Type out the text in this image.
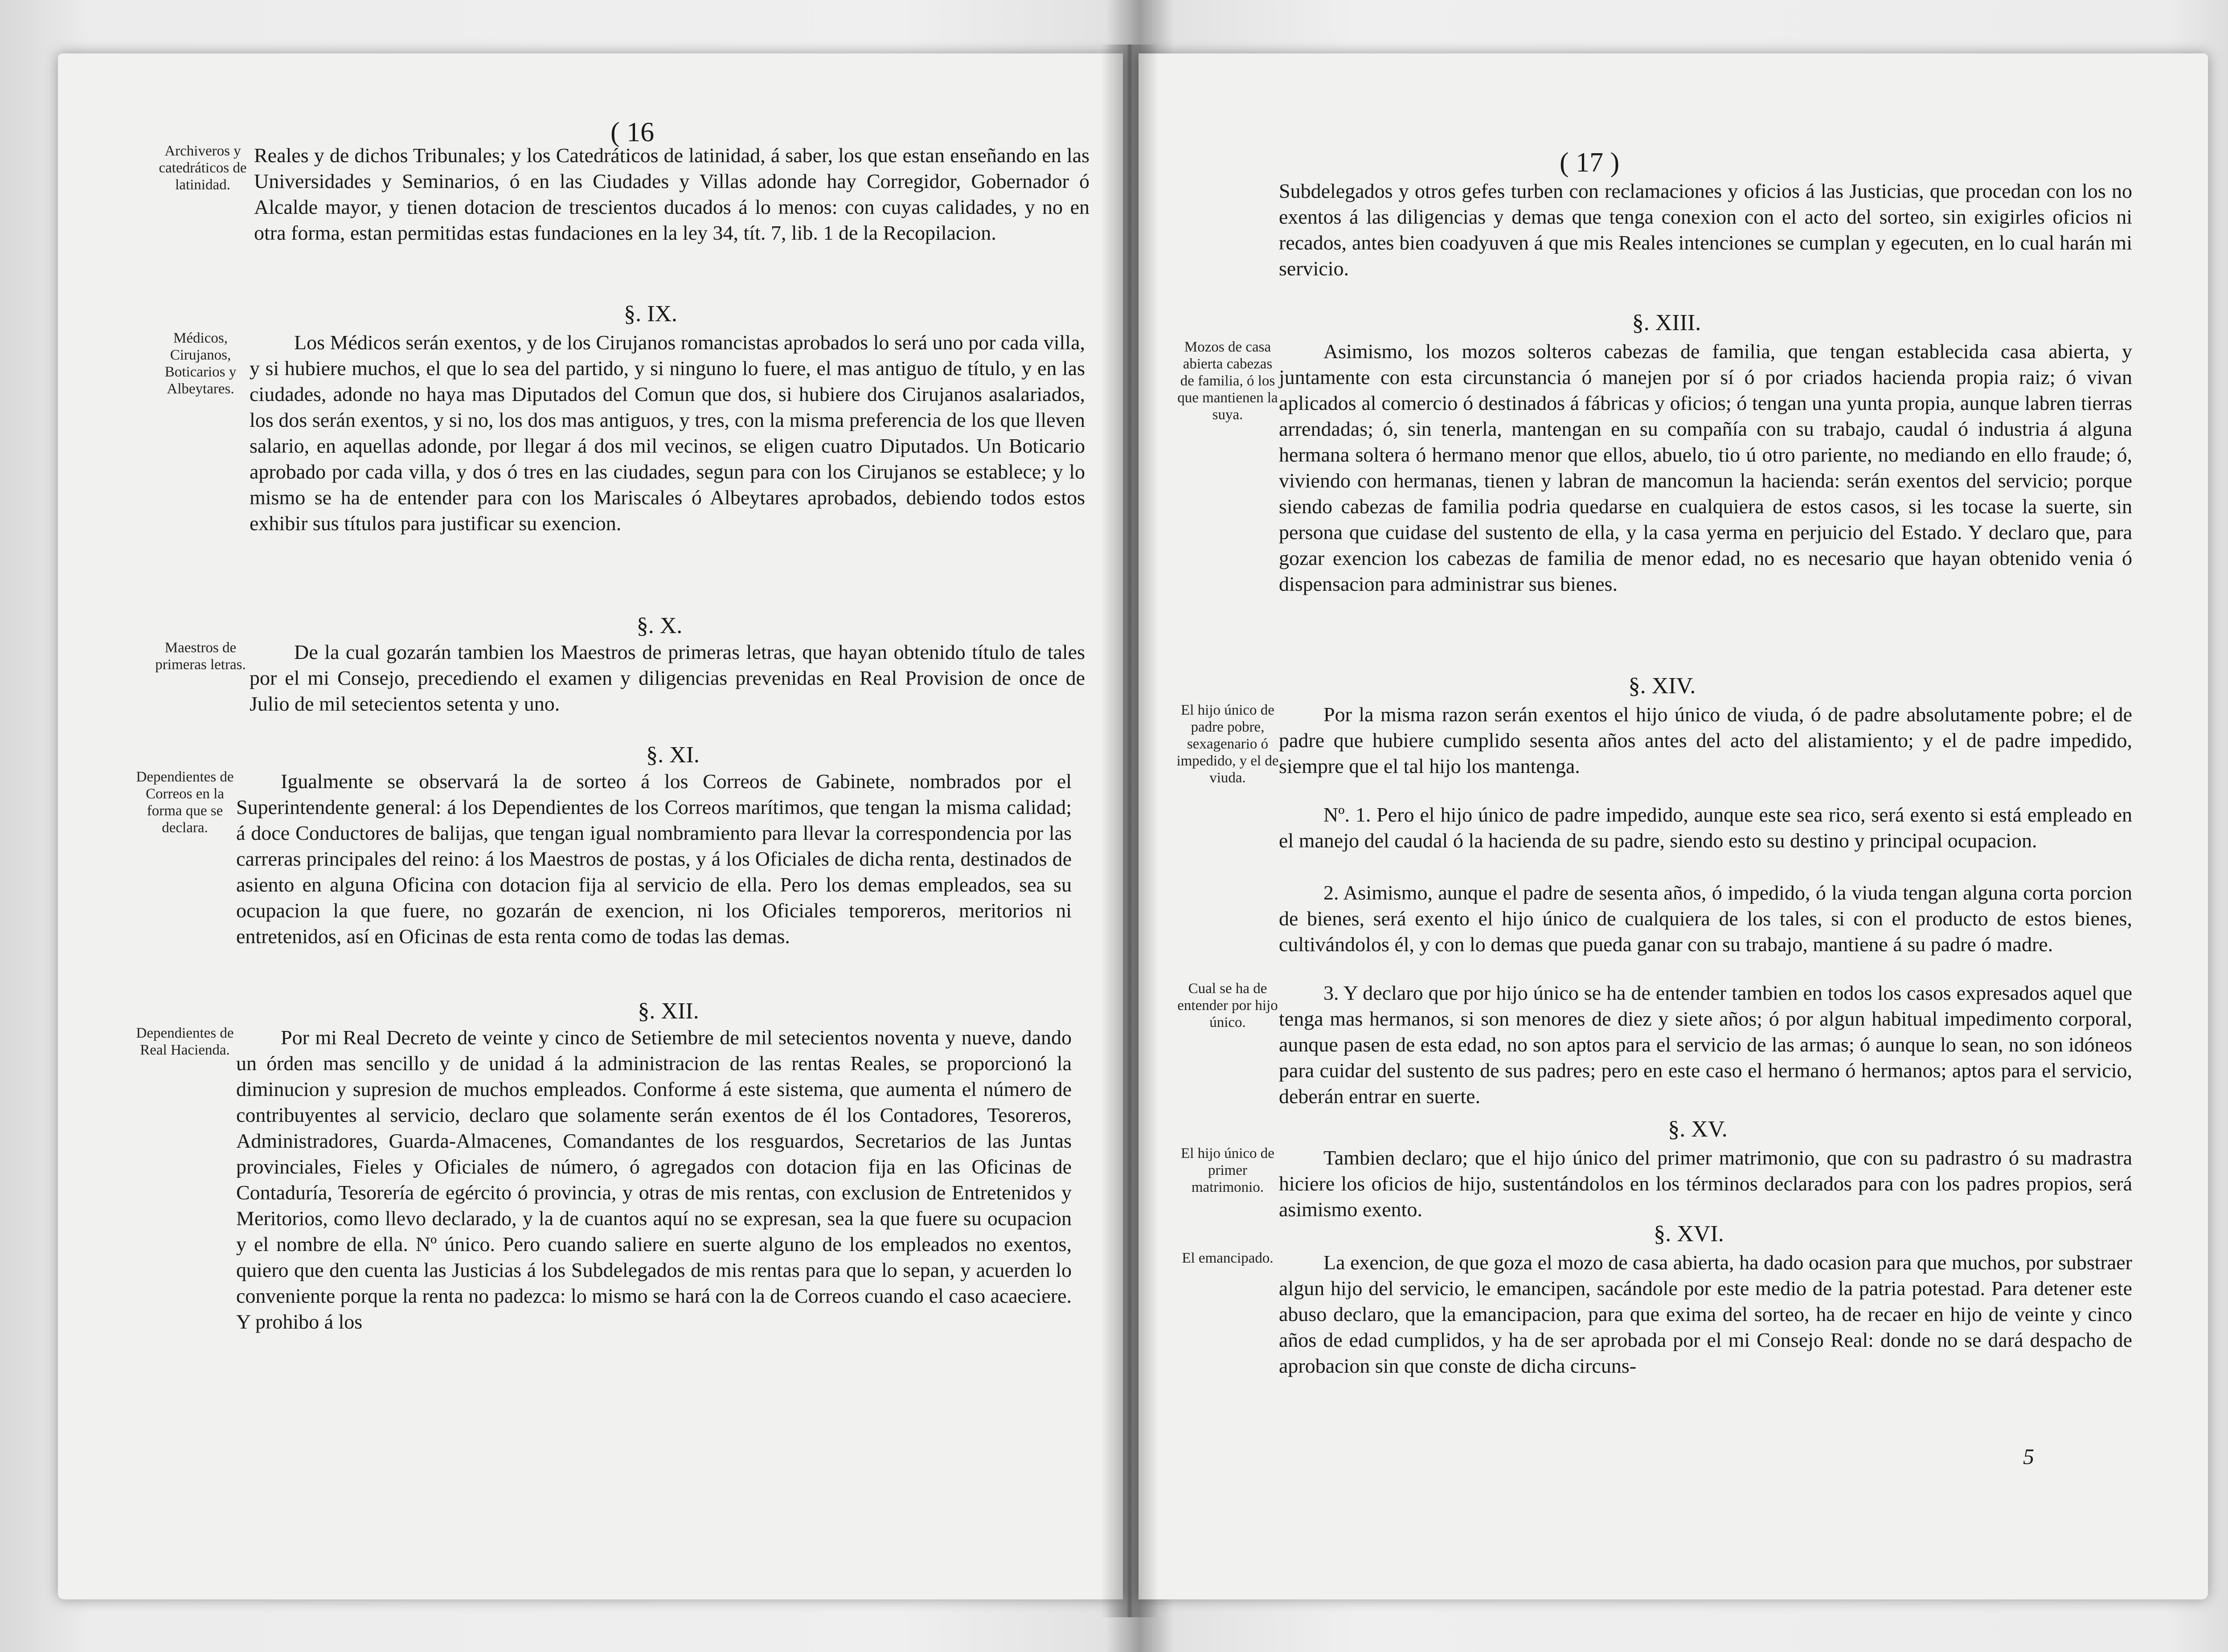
( 16
Archiveros y catedráticos de latinidad.
Reales y de dichos Tribunales; y los Catedráticos de latinidad, á saber, los que estan enseñando en las Universidades y Seminarios, ó en las Ciudades y Villas adonde hay Corregidor, Gobernador ó Alcalde mayor, y tienen dotacion de trescientos ducados á lo menos: con cuyas calidades, y no en otra forma, estan permitidas estas fundaciones en la ley 34, tít. 7, lib. 1 de la Recopilacion.
§. IX.
Médicos, Cirujanos, Boticarios y Albeytares.
Los Médicos serán exentos, y de los Cirujanos romancistas aprobados lo será uno por cada villa, y si hubiere muchos, el que lo sea del partido, y si ninguno lo fuere, el mas antiguo de título, y en las ciudades, adonde no haya mas Diputados del Comun que dos, si hubiere dos Cirujanos asalariados, los dos serán exentos, y si no, los dos mas antiguos, y tres, con la misma preferencia de los que lleven salario, en aquellas adonde, por llegar á dos mil vecinos, se eligen cuatro Diputados. Un Boticario aprobado por cada villa, y dos ó tres en las ciudades, segun para con los Cirujanos se establece; y lo mismo se ha de entender para con los Mariscales ó Albeytares aprobados, debiendo todos estos exhibir sus títulos para justificar su exencion.
§. X.
Maestros de primeras letras.
De la cual gozarán tambien los Maestros de primeras letras, que hayan obtenido título de tales por el mi Consejo, precediendo el examen y diligencias prevenidas en Real Provision de once de Julio de mil setecientos setenta y uno.
§. XI.
Dependientes de Correos en la forma que se declara.
Igualmente se observará la de sorteo á los Correos de Gabinete, nombrados por el Superintendente general: á los Dependientes de los Correos marítimos, que tengan la misma calidad; á doce Conductores de balijas, que tengan igual nombramiento para llevar la correspondencia por las carreras principales del reino: á los Maestros de postas, y á los Oficiales de dicha renta, destinados de asiento en alguna Oficina con dotacion fija al servicio de ella. Pero los demas empleados, sea su ocupacion la que fuere, no gozarán de exencion, ni los Oficiales temporeros, meritorios ni entretenidos, así en Oficinas de esta renta como de todas las demas.
§. XII.
Dependientes de Real Hacienda.
Por mi Real Decreto de veinte y cinco de Setiembre de mil setecientos noventa y nueve, dando un órden mas sencillo y de unidad á la administracion de las rentas Reales, se proporcionó la diminucion y supresion de muchos empleados. Conforme á este sistema, que aumenta el número de contribuyentes al servicio, declaro que solamente serán exentos de él los Contadores, Tesoreros, Administradores, Guarda-Almacenes, Comandantes de los resguardos, Secretarios de las Juntas provinciales, Fieles y Oficiales de número, ó agregados con dotacion fija en las Oficinas de Contaduría, Tesorería de egército ó provincia, y otras de mis rentas, con exclusion de Entretenidos y Meritorios, como llevo declarado, y la de cuantos aquí no se expresan, sea la que fuere su ocupacion y el nombre de ella. Nº único. Pero cuando saliere en suerte alguno de los empleados no exentos, quiero que den cuenta las Justicias á los Subdelegados de mis rentas para que lo sepan, y acuerden lo conveniente porque la renta no padezca: lo mismo se hará con la de Correos cuando el caso acaeciere. Y prohibo á los
( 17 )
Subdelegados y otros gefes turben con reclamaciones y oficios á las Justicias, que procedan con los no exentos á las diligencias y demas que tenga conexion con el acto del sorteo, sin exigirles oficios ni recados, antes bien coadyuven á que mis Reales intenciones se cumplan y egecuten, en lo cual harán mi servicio.
§. XIII.
Mozos de casa abierta cabezas de familia, ó los que mantienen la suya.
Asimismo, los mozos solteros cabezas de familia, que tengan establecida casa abierta, y juntamente con esta circunstancia ó manejen por sí ó por criados hacienda propia raiz; ó vivan aplicados al comercio ó destinados á fábricas y oficios; ó tengan una yunta propia, aunque labren tierras arrendadas; ó, sin tenerla, mantengan en su compañía con su trabajo, caudal ó industria á alguna hermana soltera ó hermano menor que ellos, abuelo, tio ú otro pariente, no mediando en ello fraude; ó, viviendo con hermanas, tienen y labran de mancomun la hacienda: serán exentos del servicio; porque siendo cabezas de familia podria quedarse en cualquiera de estos casos, si les tocase la suerte, sin persona que cuidase del sustento de ella, y la casa yerma en perjuicio del Estado. Y declaro que, para gozar exencion los cabezas de familia de menor edad, no es necesario que hayan obtenido venia ó dispensacion para administrar sus bienes.
§. XIV.
El hijo único de padre pobre, sexagenario ó impedido, y el de viuda.
Por la misma razon serán exentos el hijo único de viuda, ó de padre absolutamente pobre; el de padre que hubiere cumplido sesenta años antes del acto del alistamiento; y el de padre impedido, siempre que el tal hijo los mantenga.
Nº. 1. Pero el hijo único de padre impedido, aunque este sea rico, será exento si está empleado en el manejo del caudal ó la hacienda de su padre, siendo esto su destino y principal ocupacion.
2. Asimismo, aunque el padre de sesenta años, ó impedido, ó la viuda tengan alguna corta porcion de bienes, será exento el hijo único de cualquiera de los tales, si con el producto de estos bienes, cultivándolos él, y con lo demas que pueda ganar con su trabajo, mantiene á su padre ó madre.
Cual se ha de entender por hijo único.
3. Y declaro que por hijo único se ha de entender tambien en todos los casos expresados aquel que tenga mas hermanos, si son menores de diez y siete años; ó por algun habitual impedimento corporal, aunque pasen de esta edad, no son aptos para el servicio de las armas; ó aunque lo sean, no son idóneos para cuidar del sustento de sus padres; pero en este caso el hermano ó hermanos; aptos para el servicio, deberán entrar en suerte.
§. XV.
El hijo único de primer matrimonio.
Tambien declaro; que el hijo único del primer matrimonio, que con su padrastro ó su madrastra hiciere los oficios de hijo, sustentándolos en los términos declarados para con los padres propios, será asimismo exento.
§. XVI.
El emancipado.	La exencion, de que goza el mozo de casa abierta, ha dado ocasion para que muchos, por substraer algun hijo del servicio, le emancipen, sacándole por este medio de la patria potestad. Para detener este abuso declaro, que la emancipacion, para que exima del sorteo, ha de recaer en hijo de veinte y cinco años de edad cumplidos, y ha de ser aprobada por el mi Consejo Real: donde no se dará despacho de aprobacion sin que conste de dicha circuns-
5
